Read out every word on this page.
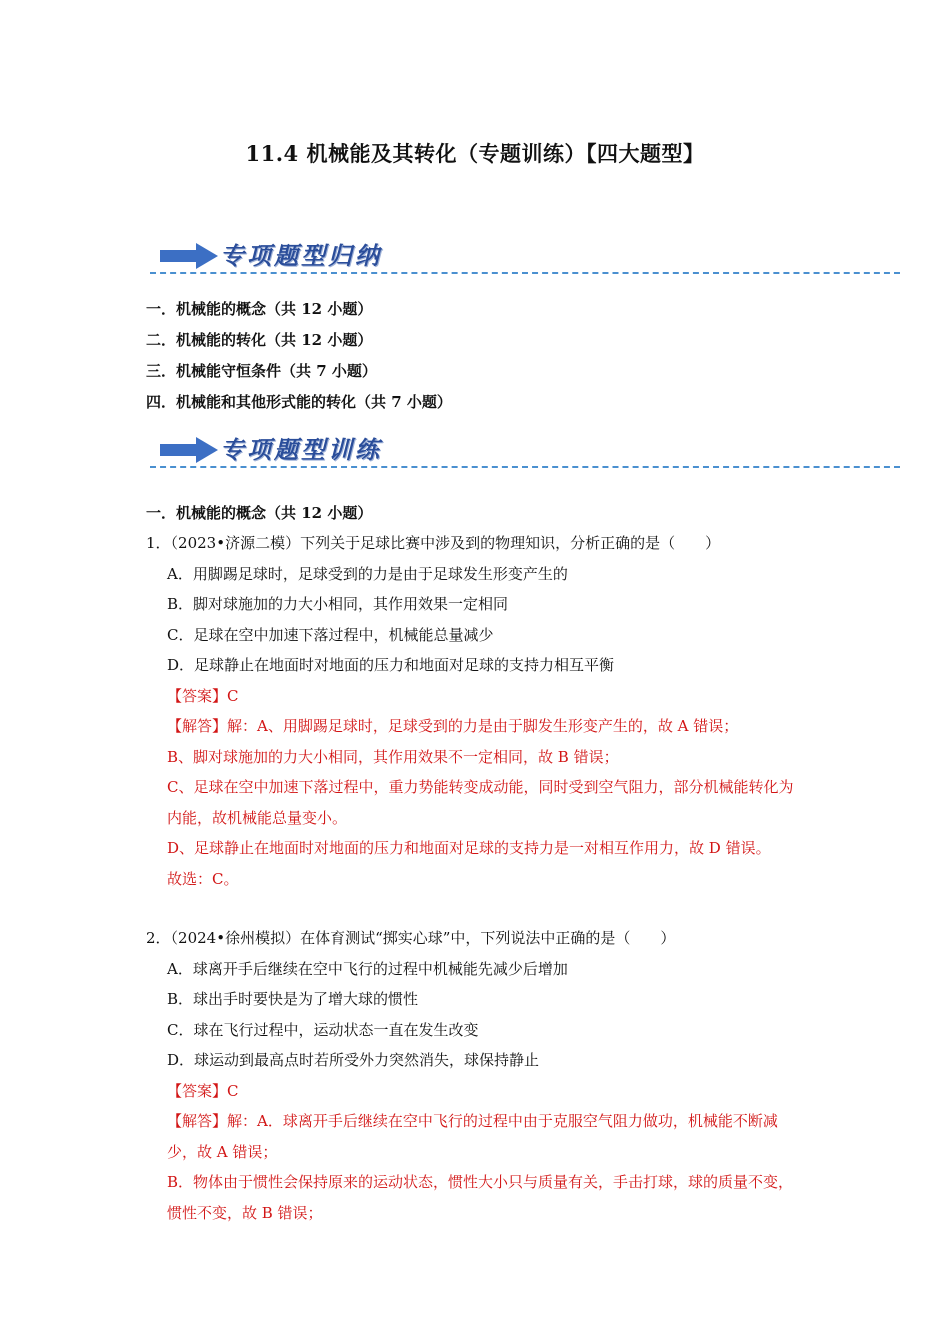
11.4 机械能及其转化（专题训练）【四大题型】
专项题型归纳
一．机械能的概念（共 12 小题）
二．机械能的转化（共 12 小题）
三．机械能守恒条件（共 7 小题）
四．机械能和其他形式能的转化（共 7 小题）
专项题型训练
一．机械能的概念（共 12 小题）
1．（2023•济源二模）下列关于足球比赛中涉及到的物理知识，分析正确的是（　　）
A．用脚踢足球时，足球受到的力是由于足球发生形变产生的
B．脚对球施加的力大小相同，其作用效果一定相同
C．足球在空中加速下落过程中，机械能总量减少
D．足球静止在地面时对地面的压力和地面对足球的支持力相互平衡
【答案】C
【解答】解：A、用脚踢足球时，足球受到的力是由于脚发生形变产生的，故 A 错误；
B、脚对球施加的力大小相同，其作用效果不一定相同，故 B 错误；
C、足球在空中加速下落过程中，重力势能转变成动能，同时受到空气阻力，部分机械能转化为内能，故机械能总量变小。
D、足球静止在地面时对地面的压力和地面对足球的支持力是一对相互作用力，故 D 错误。
故选：C。
2．（2024•徐州模拟）在体育测试“掷实心球”中，下列说法中正确的是（　　）
A．球离开手后继续在空中飞行的过程中机械能先减少后增加
B．球出手时要快是为了增大球的惯性
C．球在飞行过程中，运动状态一直在发生改变
D．球运动到最高点时若所受外力突然消失，球保持静止
【答案】C
【解答】解：A．球离开手后继续在空中飞行的过程中由于克服空气阻力做功，机械能不断减少，故 A 错误；
B．物体由于惯性会保持原来的运动状态，惯性大小只与质量有关，手击打球，球的质量不变，惯性不变，故 B 错误；
